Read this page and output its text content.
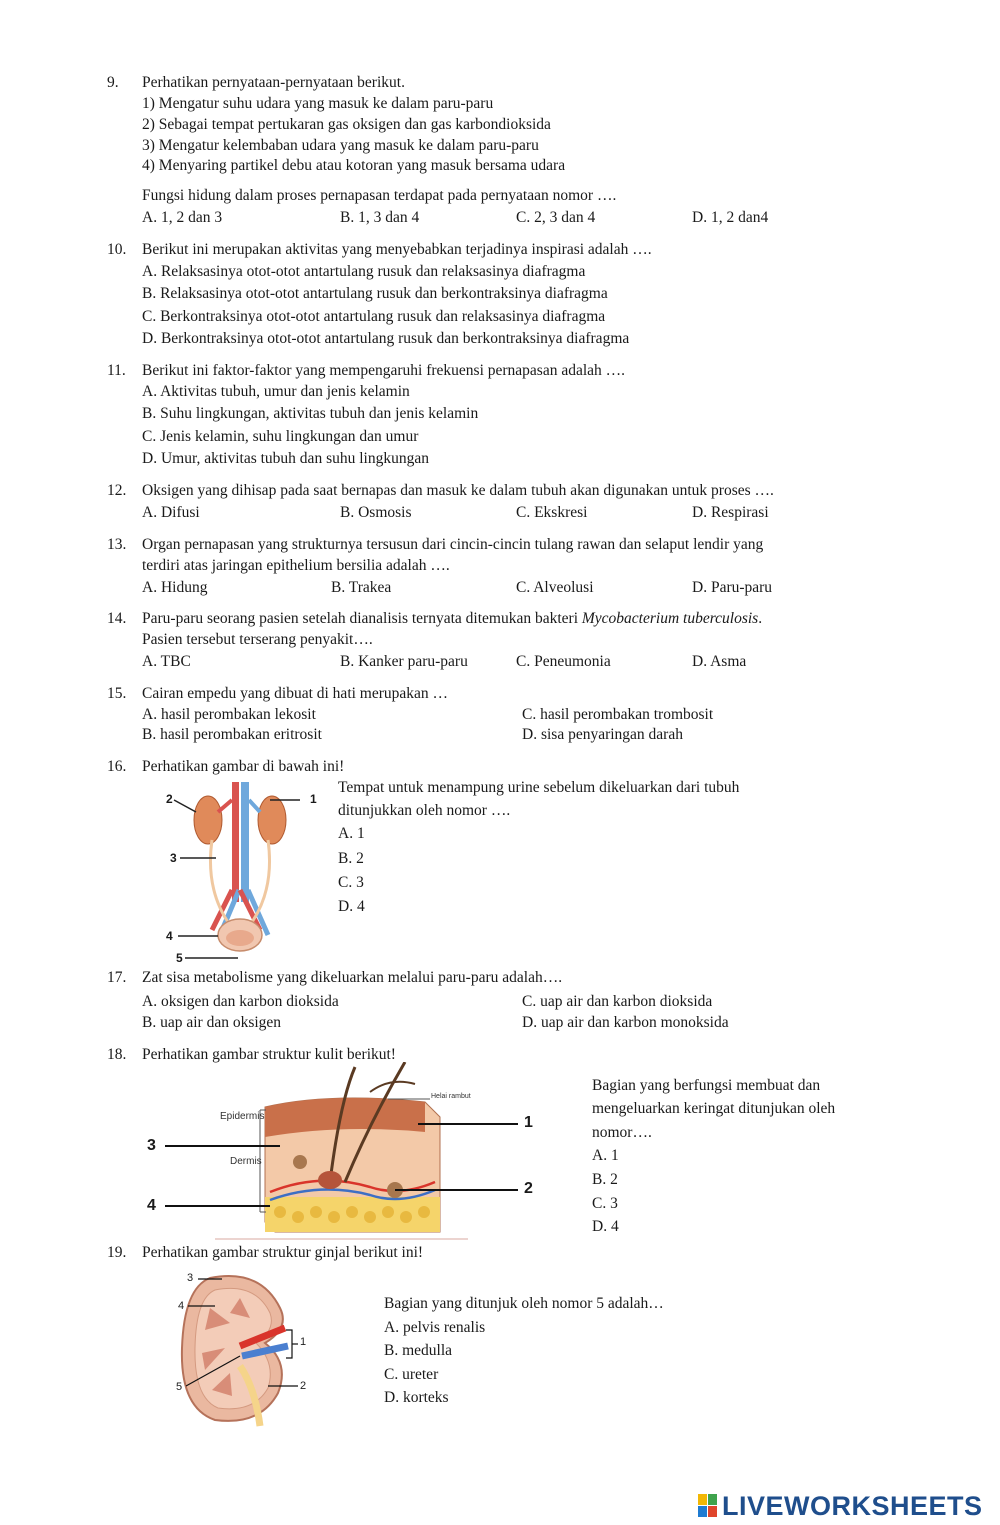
9. Perhatikan pernyataan-pernyataan berikut.
1) Mengatur suhu udara yang masuk ke dalam paru-paru
2) Sebagai tempat pertukaran gas oksigen dan gas karbondioksida
3) Mengatur kelembaban udara yang masuk ke dalam paru-paru
4) Menyaring partikel debu atau kotoran yang masuk bersama udara
Fungsi hidung dalam proses pernapasan terdapat pada pernyataan nomor ….
A. 1, 2 dan 3	B. 1, 3 dan 4	C. 2, 3 dan 4	D. 1, 2 dan4
10. Berikut ini merupakan aktivitas yang menyebabkan terjadinya inspirasi adalah ….
A. Relaksasinya otot-otot antartulang rusuk dan relaksasinya diafragma
B. Relaksasinya otot-otot antartulang rusuk dan berkontraksinya diafragma
C. Berkontraksinya otot-otot antartulang rusuk dan relaksasinya diafragma
D. Berkontraksinya otot-otot antartulang rusuk dan berkontraksinya diafragma
11. Berikut ini faktor-faktor yang mempengaruhi frekuensi pernapasan adalah ….
A. Aktivitas tubuh, umur dan jenis kelamin
B. Suhu lingkungan, aktivitas tubuh dan jenis kelamin
C. Jenis kelamin, suhu lingkungan dan umur
D. Umur, aktivitas tubuh dan suhu lingkungan
12. Oksigen yang dihisap pada saat bernapas dan masuk ke dalam tubuh akan digunakan untuk proses ….
A. Difusi	B. Osmosis	C. Ekskresi	D. Respirasi
13. Organ pernapasan yang strukturnya tersusun dari cincin-cincin tulang rawan dan selaput lendir yang
terdiri atas jaringan epithelium bersilia adalah ….
A. Hidung	B. Trakea	C. Alveolusi	D. Paru-paru
14. Paru-paru seorang pasien setelah dianalisis ternyata ditemukan bakteri Mycobacterium tuberculosis.
Pasien tersebut terserang penyakit….
A. TBC	B. Kanker paru-paru	C. Peneumonia	D. Asma
15. Cairan empedu yang dibuat di hati merupakan …
A. hasil perombakan lekosit
B. hasil perombakan eritrosit
C. hasil perombakan trombosit
D. sisa penyaringan darah
16. Perhatikan gambar di bawah ini!
1
2
3
4
5
Tempat untuk menampung urine sebelum dikeluarkan dari tubuh
ditunjukkan oleh nomor ….
A. 1
B. 2
C. 3
D. 4
17. Zat sisa metabolisme yang dikeluarkan melalui paru-paru adalah….
A. oksigen dan karbon dioksida
B. uap air dan oksigen
C. uap air dan karbon dioksida
D. uap air dan karbon monoksida
18. Perhatikan gambar struktur kulit berikut!
1
2
3
4
Epidermis
Dermis
Helai rambut
Bagian yang berfungsi membuat dan
mengeluarkan keringat ditunjukan oleh
nomor….
A. 1
B. 2
C. 3
D. 4
19. Perhatikan gambar struktur ginjal berikut ini!
1
2
3
4
5
Bagian yang ditunjuk oleh nomor 5 adalah…
A. pelvis renalis
B. medulla
C. ureter
D. korteks
LIVEWORKSHEETS
